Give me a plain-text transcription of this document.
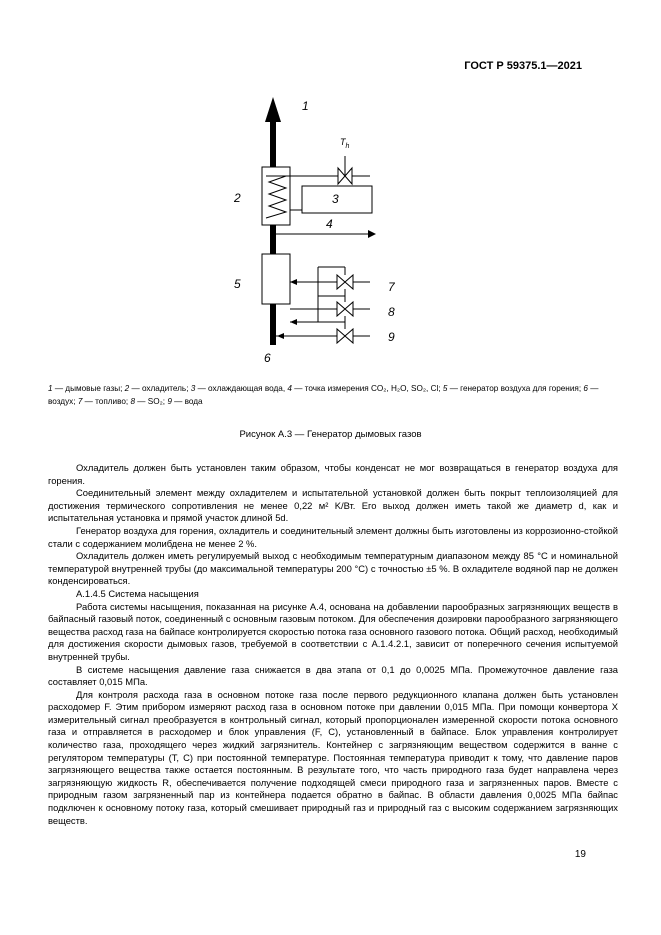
ГОСТ Р 59375.1—2021
1
2
$T_h$
3
4
5	7
8
9
6
1 — дымовые газы; 2 — охладитель; 3 — охлаждающая вода, 4 — точка измерения CO₂, H₂O, SO₂, Cl; 5 — генератор воздуха для горения; 6 — воздух; 7 — топливо; 8 — SO₂; 9 — вода
Рисунок А.3 — Генератор дымовых газов

Охладитель должен быть установлен таким образом, чтобы конденсат не мог возвращаться в генератор воздуха для горения.

Соединительный элемент между охладителем и испытательной установкой должен быть покрыт теплоизоляцией для достижения термического сопротивления не менее 0,22 м² K/Вт. Его выход должен иметь такой же диаметр d, как и испытательная установка и прямой участок длиной 5d.

Генератор воздуха для горения, охладитель и соединительный элемент должны быть изготовлены из коррозионно-стойкой стали с содержанием молибдена не менее 2 %.

Охладитель должен иметь регулируемый выход с необходимым температурным диапазоном между 85 °C и номинальной температурой внутренней трубы (до максимальной температуры 200 °C) с точностью ±5 %. В охладителе водяной пар не должен конденсироваться.

А.1.4.5 Система насыщения

Работа системы насыщения, показанная на рисунке А.4, основана на добавлении парообразных загрязняющих веществ в байпасный газовый поток, соединенный с основным газовым потоком. Для обеспечения дозировки парообразного загрязняющего вещества расход газа на байпасе контролируется скоростью потока газа основного газового потока. Общий расход, необходимый для достижения скорости дымовых газов, требуемой в соответствии с А.1.4.2.1, зависит от поперечного сечения испытуемой внутренней трубы.

В системе насыщения давление газа снижается в два этапа от 0,1 до 0,0025 МПа. Промежуточное давление газа составляет 0,015 МПа.

Для контроля расхода газа в основном потоке газа после первого редукционного клапана должен быть установлен расходомер F. Этим прибором измеряют расход газа в основном потоке при давлении 0,015 МПа. При помощи конвертора X измерительный сигнал преобразуется в контрольный сигнал, который пропорционален измеренной скорости потока основного газа и отправляется в расходомер и блок управления (F, C), установленный в байпасе. Блок управления контролирует количество газа, проходящего через жидкий загрязнитель. Контейнер с загрязняющим веществом содержится в ванне с регулятором температуры (T, C) при постоянной температуре. Постоянная температура приводит к тому, что давление паров загрязняющего вещества также остается постоянным. В результате того, что часть природного газа будет направлена через загрязняющую жидкость R, обеспечивается получение подходящей смеси природного газа и загрязненных паров. Вместе с природным газом загрязненный пар из контейнера подается обратно в байпас. В области давления 0,0025 МПа байпас подключен к основному потоку газа, который смешивает природный газ и природный газ с высоким содержанием загрязняющих веществ.

19
